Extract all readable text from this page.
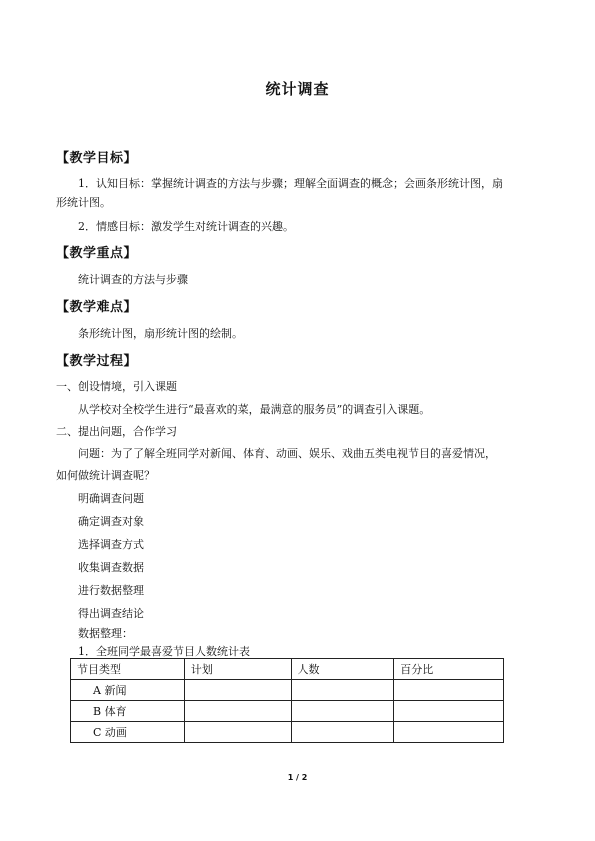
统计调查
【教学目标】
1．认知目标：掌握统计调查的方法与步骤；理解全面调查的概念；会画条形统计图，扇
形统计图。
2．情感目标：激发学生对统计调查的兴趣。
【教学重点】
统计调查的方法与步骤
【教学难点】
条形统计图，扇形统计图的绘制。
【教学过程】
一、创设情境，引入课题
从学校对全校学生进行“最喜欢的菜，最满意的服务员”的调查引入课题。
二、提出问题，合作学习
问题：为了了解全班同学对新闻、体育、动画、娱乐、戏曲五类电视节目的喜爱情况，
如何做统计调查呢？
明确调查问题
确定调查对象
选择调查方式
收集调查数据
进行数据整理
得出调查结论
数据整理：
1．全班同学最喜爱节目人数统计表
节目类型	计划	人数	百分比
A 新闻			
B 体育			
C 动画			
1 / 2
